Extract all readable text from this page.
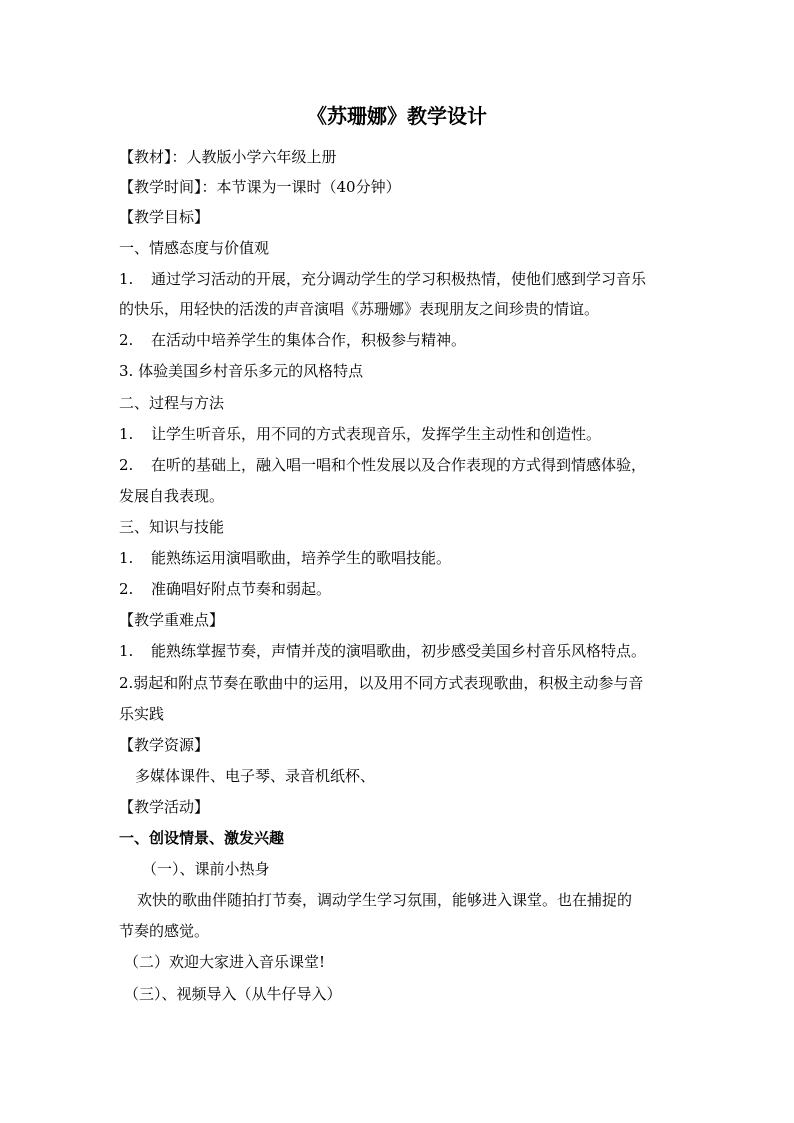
《苏珊娜》教学设计
【教材】：人教版小学六年级上册
【教学时间】：本节课为一课时（40分钟）
【教学目标】
一、情感态度与价值观
1. 通过学习活动的开展，充分调动学生的学习积极热情，使他们感到学习音乐
的快乐，用轻快的活泼的声音演唱《苏珊娜》表现朋友之间珍贵的情谊。
2. 在活动中培养学生的集体合作，积极参与精神。
3. 体验美国乡村音乐多元的风格特点
二、过程与方法
1. 让学生听音乐，用不同的方式表现音乐，发挥学生主动性和创造性。
2. 在听的基础上，融入唱一唱和个性发展以及合作表现的方式得到情感体验，
发展自我表现。
三、知识与技能
1. 能熟练运用演唱歌曲，培养学生的歌唱技能。
2. 准确唱好附点节奏和弱起。
【教学重难点】
1. 能熟练掌握节奏，声情并茂的演唱歌曲，初步感受美国乡村音乐风格特点。
2.弱起和附点节奏在歌曲中的运用，以及用不同方式表现歌曲，积极主动参与音
乐实践
【教学资源】
多媒体课件、电子琴、录音机纸杯、
【教学活动】
一、创设情景、激发兴趣
（一）、课前小热身
欢快的歌曲伴随拍打节奏，调动学生学习氛围，能够进入课堂。也在捕捉的
节奏的感觉。
（二）欢迎大家进入音乐课堂!
（三）、视频导入（从牛仔导入）
